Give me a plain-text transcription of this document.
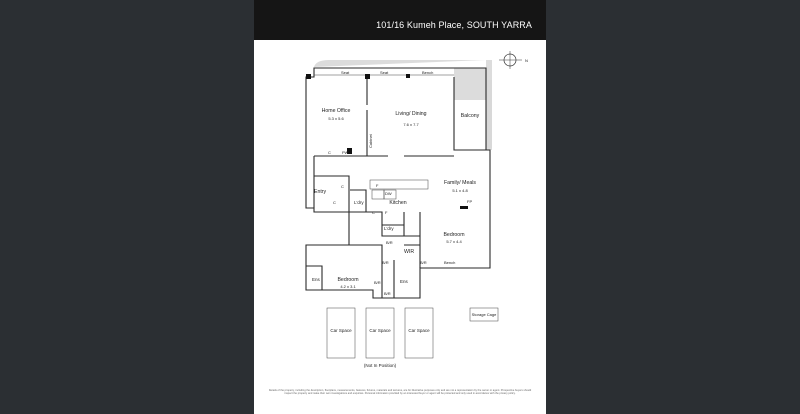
101/16 Kumeh Place, SOUTH YARRA
N
Seat	Seat	Bench
Home Office
5.3 x 5.6
Living/ Dining
7.6 x 7.7
Balcony
Cabinet
C	PW
Family/ Meals
5.1 x 4.8
F
DW
FP
Kitchen
Entry
C
C	L'dry
C	F
L'dry
B/R
WIR
Bedroom
5.7 x 4.4
Bench
B/R
Bedroom
4.2 x 3.1
Ens	Ens
B/R
B/R
B/R
Car Space	Car Space	Car Space
Storage Cage
(Not In Position)
Details of the property, including the description, floorplans, measurements, features, fixtures, materials and textures, are for illustrative purposes only and are not a representation by the owner or agent. Prospective buyers should inspect the property and make their own investigations and enquiries. Personal information provided by an interested buyer or agent will be protected and only used in accordance with the privacy policy.
